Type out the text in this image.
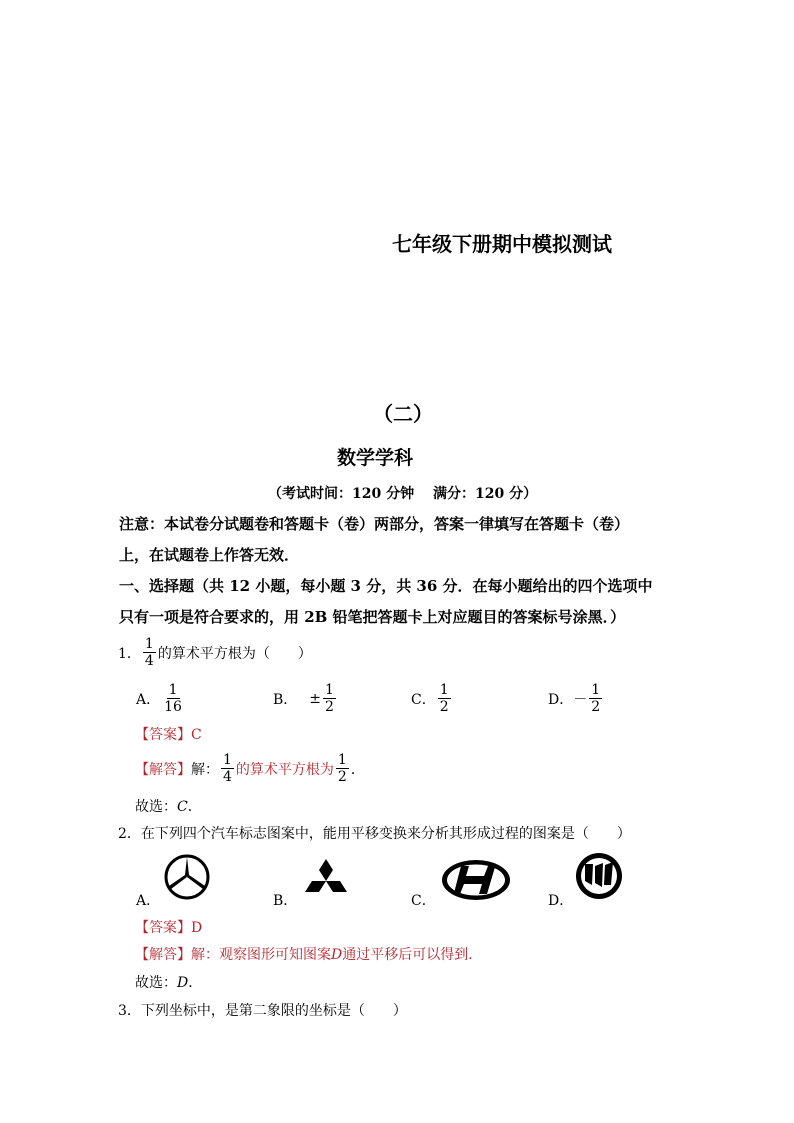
七年级下册期中模拟测试
（二）
数学学科
（考试时间：120 分钟　 满分：120 分）
注意：本试卷分试题卷和答题卡（卷）两部分，答案一律填写在答题卡（卷）
上，在试题卷上作答无效．
一、选择题（共 12 小题，每小题 3 分，共 36 分．在每小题给出的四个选项中
只有一项是符合要求的，用 2B 铅笔把答题卡上对应题目的答案标号涂黑．）
1． $\frac{1}{4}$ 的算术平方根为（　　）
A． $\frac{1}{16}$	B． ± $\frac{1}{2}$	C． $\frac{1}{2}$	D． － $\frac{1}{2}$
【答案】C
【解答】 解： $\frac{1}{4}$ 的算术平方根为 $\frac{1}{2}$ ．
故选：C．
2．在下列四个汽车标志图案中，能用平移变换来分析其形成过程的图案是（　　）
A．	B．	C．	D．
【答案】D
【解答】解：观察图形可知图案D通过平移后可以得到．
故选：D．
3．下列坐标中，是第二象限的坐标是（　　）
